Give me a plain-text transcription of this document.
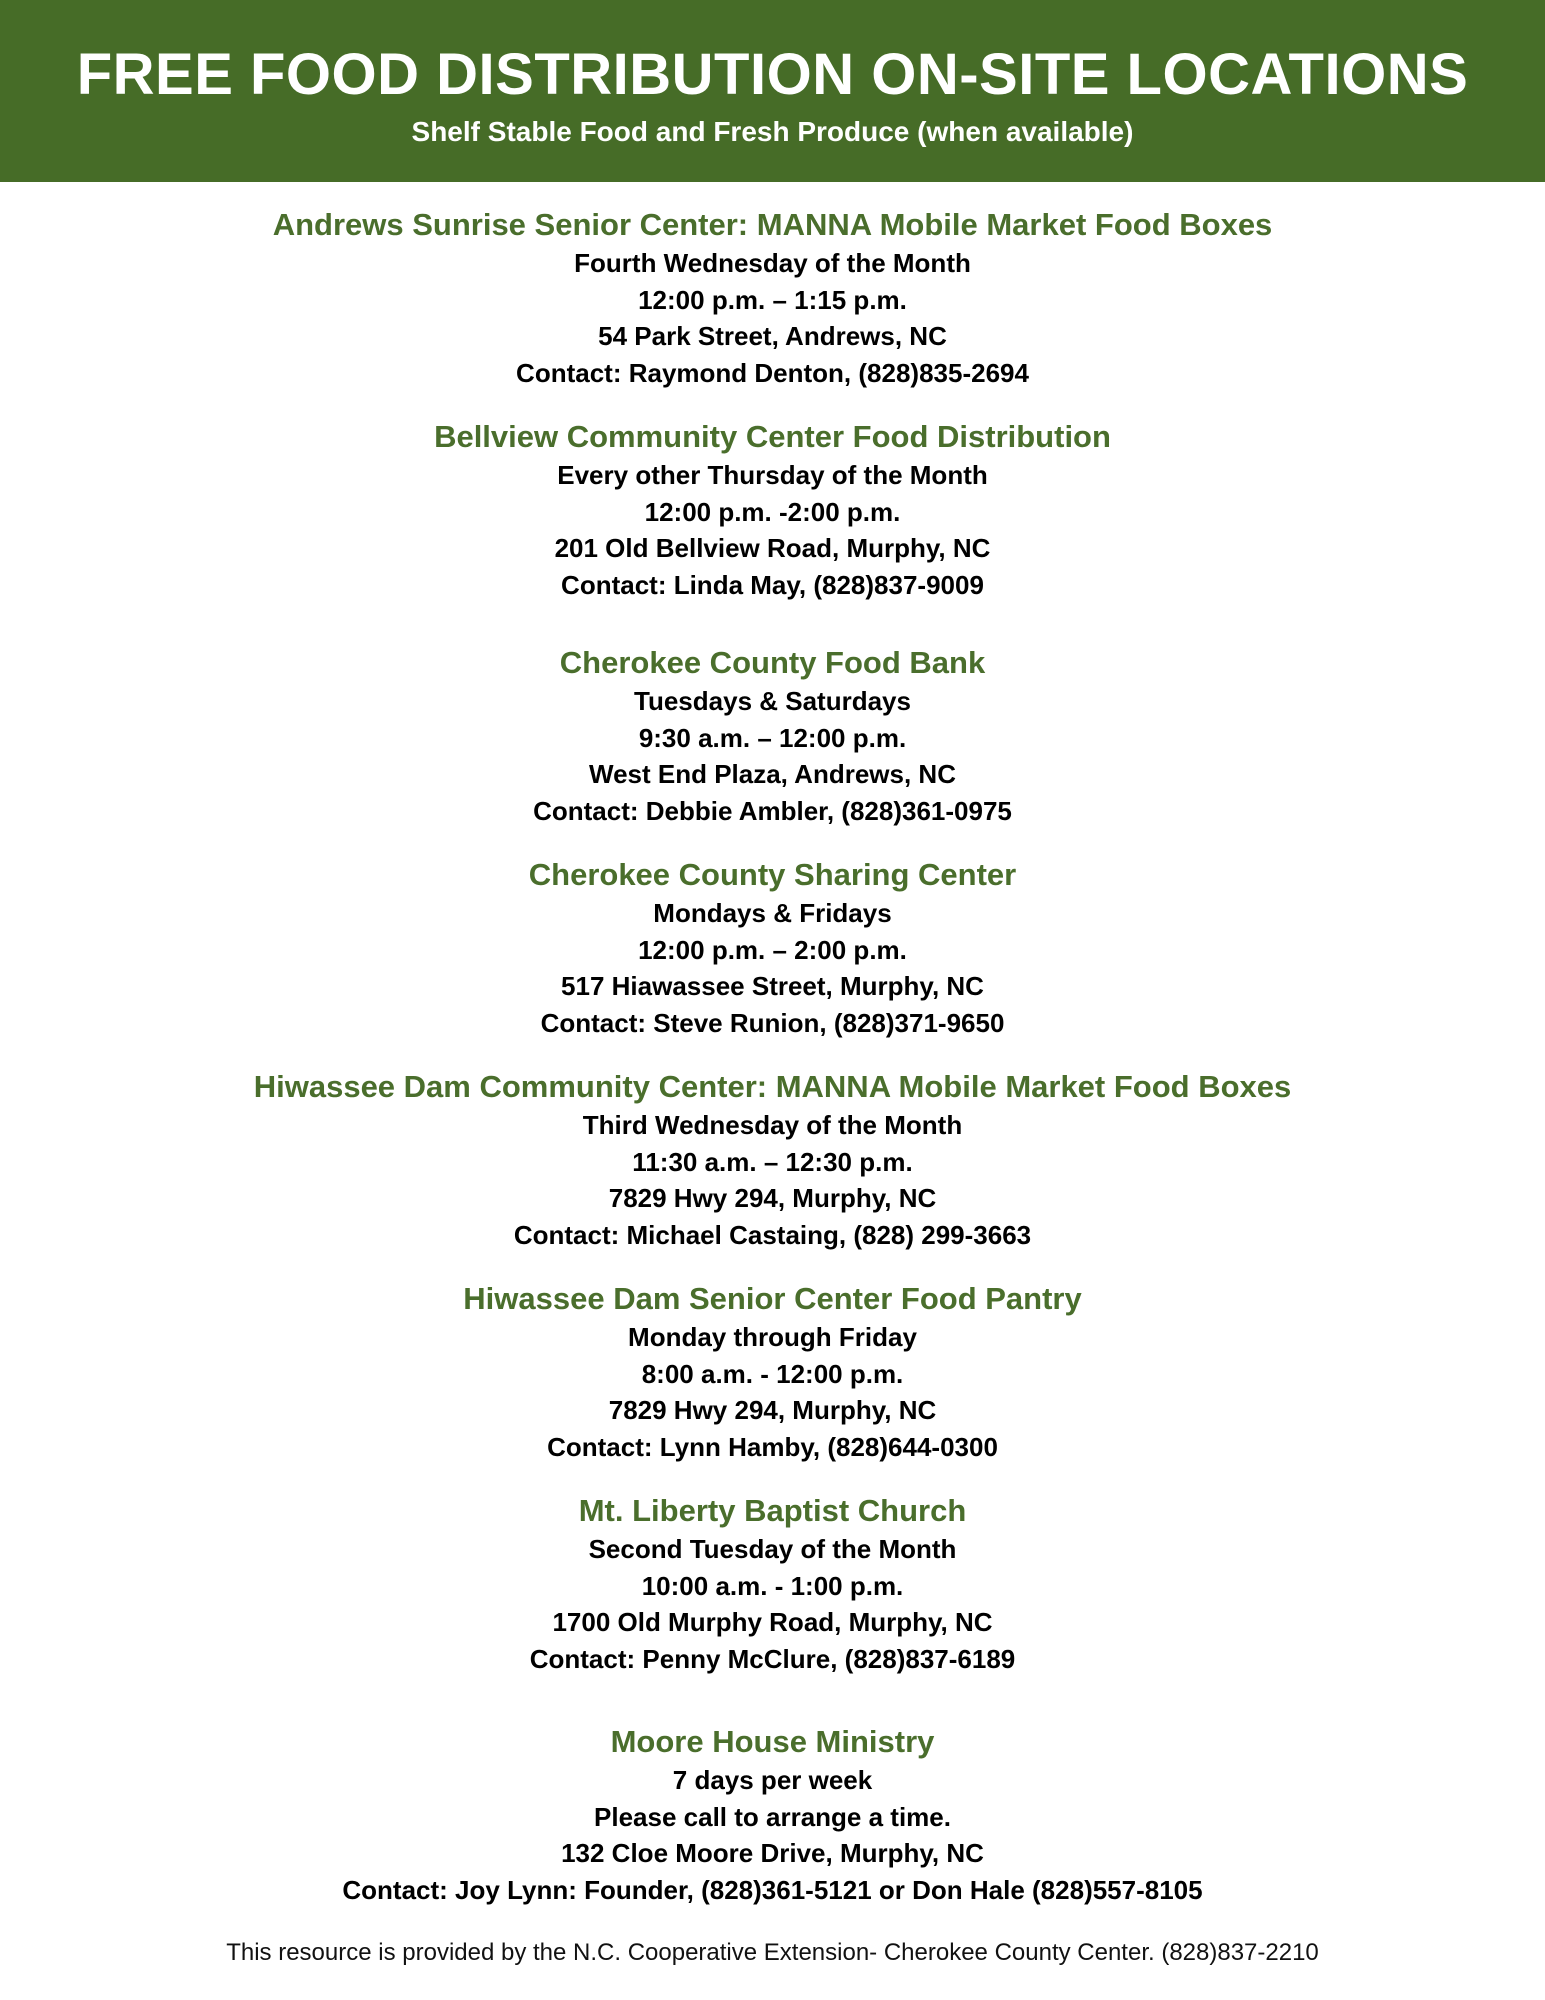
FREE FOOD DISTRIBUTION ON-SITE LOCATIONS
Shelf Stable Food and Fresh Produce (when available)
Andrews Sunrise Senior Center: MANNA Mobile Market Food Boxes
Fourth Wednesday of the Month
12:00 p.m. – 1:15 p.m.
54 Park Street, Andrews, NC
Contact: Raymond Denton, (828)835-2694
Bellview Community Center Food Distribution
Every other Thursday of the Month
12:00 p.m. -2:00 p.m.
201 Old Bellview Road, Murphy, NC
Contact: Linda May, (828)837-9009
Cherokee County Food Bank
Tuesdays & Saturdays
9:30 a.m. – 12:00 p.m.
West End Plaza, Andrews, NC
Contact: Debbie Ambler, (828)361-0975
Cherokee County Sharing Center
Mondays & Fridays
12:00 p.m. – 2:00 p.m.
517 Hiawassee Street, Murphy, NC
Contact: Steve Runion, (828)371-9650
Hiwassee Dam Community Center: MANNA Mobile Market Food Boxes
Third Wednesday of the Month
11:30 a.m. – 12:30 p.m.
7829 Hwy 294, Murphy, NC
Contact: Michael Castaing, (828) 299-3663
Hiwassee Dam Senior Center Food Pantry
Monday through Friday
8:00 a.m. - 12:00 p.m.
7829 Hwy 294, Murphy, NC
Contact: Lynn Hamby, (828)644-0300
Mt. Liberty Baptist Church
Second Tuesday of the Month
10:00 a.m. - 1:00 p.m.
1700 Old Murphy Road, Murphy, NC
Contact: Penny McClure, (828)837-6189
Moore House Ministry
7 days per week
Please call to arrange a time.
132 Cloe Moore Drive, Murphy, NC
Contact: Joy Lynn: Founder, (828)361-5121 or Don Hale (828)557-8105
This resource is provided by the N.C. Cooperative Extension- Cherokee County Center. (828)837-2210
